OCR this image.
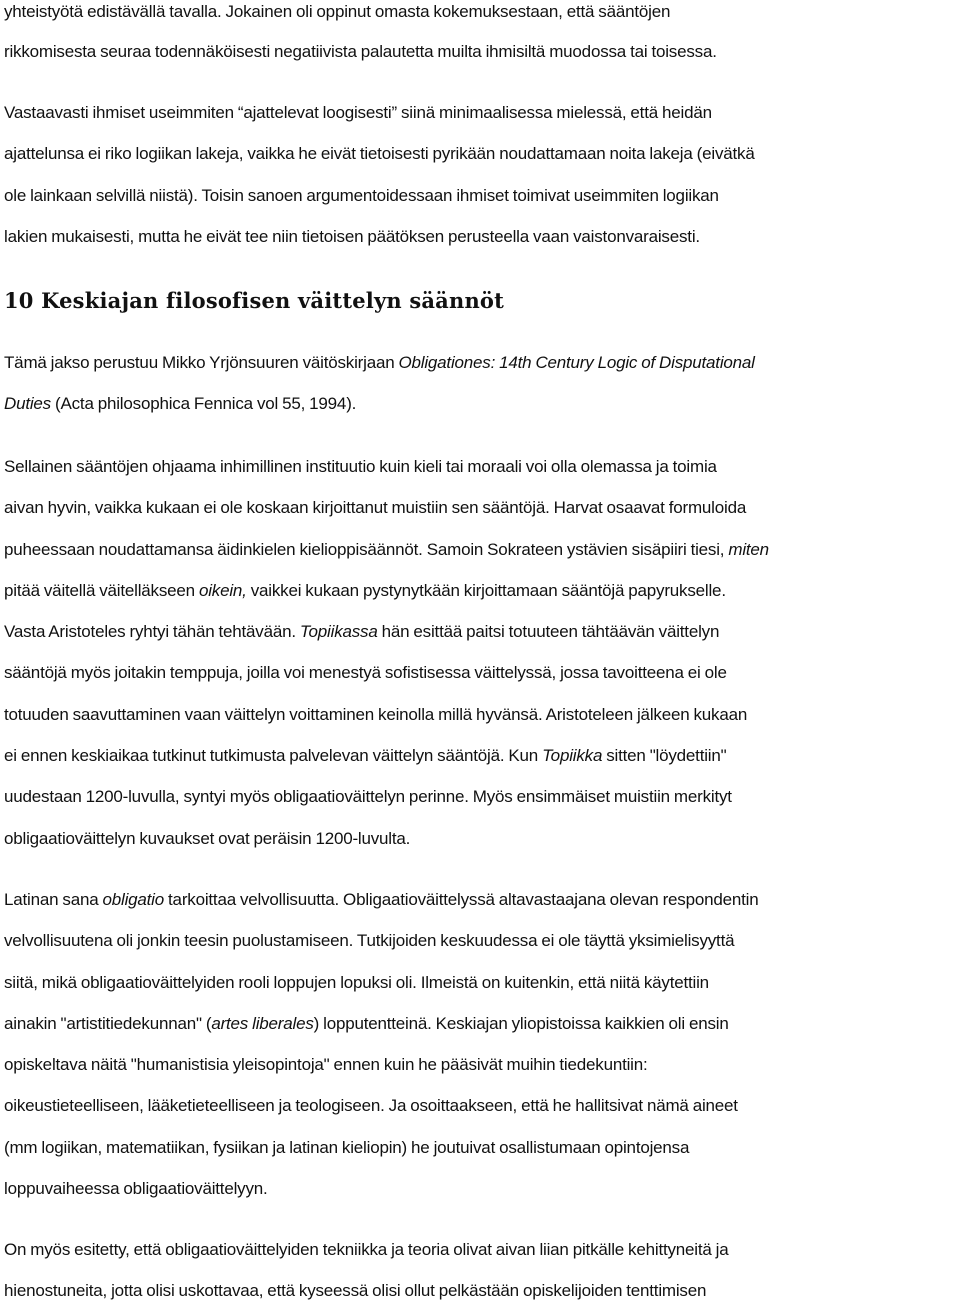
yhteistyötä edistävällä tavalla. Jokainen oli oppinut omasta kokemuksestaan, että sääntöjen
rikkomisesta seuraa todennäköisesti negatiivista palautetta muilta ihmisiltä muodossa tai toisessa.
Vastaavasti ihmiset useimmiten “ajattelevat loogisesti” siinä minimaalisessa mielessä, että heidän
ajattelunsa ei riko logiikan lakeja, vaikka he eivät tietoisesti pyrikään noudattamaan noita lakeja (eivätkä
ole lainkaan selvillä niistä). Toisin sanoen argumentoidessaan ihmiset toimivat useimmiten logiikan
lakien mukaisesti, mutta he eivät tee niin tietoisen päätöksen perusteella vaan vaistonvaraisesti.
10 Keskiajan filosofisen väittelyn säännöt
Tämä jakso perustuu Mikko Yrjönsuuren väitöskirjaan Obligationes: 14th Century Logic of Disputational
Duties (Acta philosophica Fennica vol 55, 1994).
Sellainen sääntöjen ohjaama inhimillinen instituutio kuin kieli tai moraali voi olla olemassa ja toimia
aivan hyvin, vaikka kukaan ei ole koskaan kirjoittanut muistiin sen sääntöjä. Harvat osaavat formuloida
puheessaan noudattamansa äidinkielen kielioppisäännöt. Samoin Sokrateen ystävien sisäpiiri tiesi, miten
pitää väitellä väitelläkseen oikein, vaikkei kukaan pystynytkään kirjoittamaan sääntöjä papyrukselle.
Vasta Aristoteles ryhtyi tähän tehtävään. Topiikassa hän esittää paitsi totuuteen tähtäävän väittelyn
sääntöjä myös joitakin temppuja, joilla voi menestyä sofistisessa väittelyssä, jossa tavoitteena ei ole
totuuden saavuttaminen vaan väittelyn voittaminen keinolla millä hyvänsä. Aristoteleen jälkeen kukaan
ei ennen keskiaikaa tutkinut tutkimusta palvelevan väittelyn sääntöjä. Kun Topiikka sitten "löydettiin"
uudestaan 1200-luvulla, syntyi myös obligaatioväittelyn perinne. Myös ensimmäiset muistiin merkityt
obligaatioväittelyn kuvaukset ovat peräisin 1200-luvulta.
Latinan sana obligatio tarkoittaa velvollisuutta. Obligaatioväittelyssä altavastaajana olevan respondentin
velvollisuutena oli jonkin teesin puolustamiseen. Tutkijoiden keskuudessa ei ole täyttä yksimielisyyttä
siitä, mikä obligaatioväittelyiden rooli loppujen lopuksi oli. Ilmeistä on kuitenkin, että niitä käytettiin
ainakin "artistitiedekunnan" (artes liberales) lopputentteinä. Keskiajan yliopistoissa kaikkien oli ensin
opiskeltava näitä "humanistisia yleisopintoja" ennen kuin he pääsivät muihin tiedekuntiin:
oikeustieteelliseen, lääketieteelliseen ja teologiseen. Ja osoittaakseen, että he hallitsivat nämä aineet
(mm logiikan, matematiikan, fysiikan ja latinan kieliopin) he joutuivat osallistumaan opintojensa
loppuvaiheessa obligaatioväittelyyn.
On myös esitetty, että obligaatioväittelyiden tekniikka ja teoria olivat aivan liian pitkälle kehittyneitä ja
hienostuneita, jotta olisi uskottavaa, että kyseessä olisi ollut pelkästään opiskelijoiden tenttimisen
